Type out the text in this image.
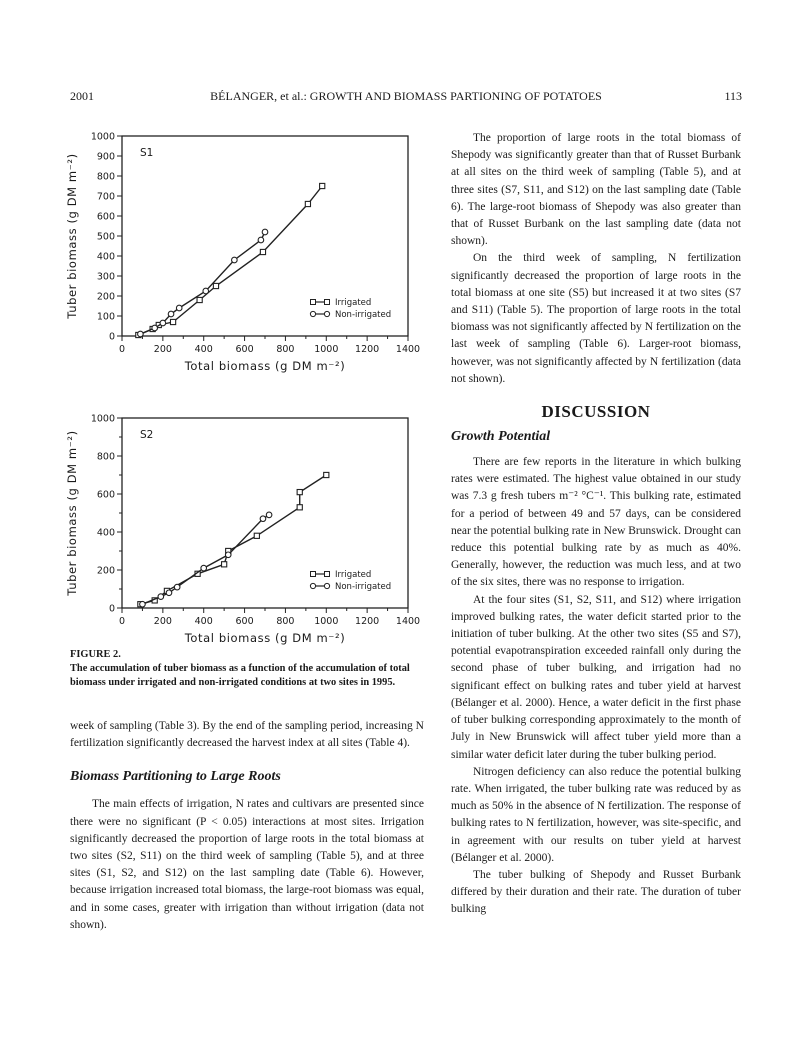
2001	BÉLANGER, et al.: GROWTH AND BIOMASS PARTIONING OF POTATOES	113
0
100
200
300
400
500
600
700
800
900
1000
0	200 400 600 800 1000 1200 1400
Total biomass (g DM m⁻²)
Tuber biomass (g DM m⁻²)
S1
Irrigated
Non-irrigated
0
200
400
600
800
1000
0	200 400 600 800 1000 1200 1400
Total biomass (g DM m⁻²)
Tuber biomass (g DM m⁻²)	S2
Irrigated
Non-irrigated
FIGURE 2.
The accumulation of tuber biomass as a function of the accumulation of total biomass under irrigated and non-irrigated conditions at two sites in 1995.

week of sampling (Table 3). By the end of the sampling period, increasing N fertilization significantly decreased the harvest index at all sites (Table 4).

Biomass Partitioning to Large Roots

The main effects of irrigation, N rates and cultivars are presented since there were no significant (P < 0.05) interactions at most sites. Irrigation significantly decreased the proportion of large roots in the total biomass at two sites (S2, S11) on the third week of sampling (Table 5), and at three sites (S1, S2, and S12) on the last sampling date (Table 6). However, because irrigation increased total biomass, the large-root biomass was equal, and in some cases, greater with irrigation than without irrigation (data not shown).

The proportion of large roots in the total biomass of Shepody was significantly greater than that of Russet Burbank at all sites on the third week of sampling (Table 5), and at three sites (S7, S11, and S12) on the last sampling date (Table 6). The large-root biomass of Shepody was also greater than that of Russet Burbank on the last sampling date (data not shown).

On the third week of sampling, N fertilization significantly decreased the proportion of large roots in the total biomass at one site (S5) but increased it at two sites (S7 and S11) (Table 5). The proportion of large roots in the total biomass was not significantly affected by N fertilization on the last week of sampling (Table 6). Larger-root biomass, however, was not significantly affected by N fertilization (data not shown).

DISCUSSION
Growth Potential

There are few reports in the literature in which bulking rates were estimated. The highest value obtained in our study was 7.3 g fresh tubers m⁻² °C⁻¹. This bulking rate, estimated for a period of between 49 and 57 days, can be considered near the potential bulking rate in New Brunswick. Drought can reduce this potential bulking rate by as much as 40%. Generally, however, the reduction was much less, and at two of the six sites, there was no response to irrigation.

At the four sites (S1, S2, S11, and S12) where irrigation improved bulking rates, the water deficit started prior to the initiation of tuber bulking. At the other two sites (S5 and S7), potential evapotranspiration exceeded rainfall only during the second phase of tuber bulking, and irrigation had no significant effect on bulking rates and tuber yield at harvest (Bélanger et al. 2000). Hence, a water deficit in the first phase of tuber bulking corresponding approximately to the month of July in New Brunswick will affect tuber yield more than a similar water deficit later during the tuber bulking period.

Nitrogen deficiency can also reduce the potential bulking rate. When irrigated, the tuber bulking rate was reduced by as much as 50% in the absence of N fertilization. The response of bulking rates to N fertilization, however, was site-specific, and in agreement with our results on tuber yield at harvest (Bélanger et al. 2000).

The tuber bulking of Shepody and Russet Burbank differed by their duration and their rate. The duration of tuber bulking
